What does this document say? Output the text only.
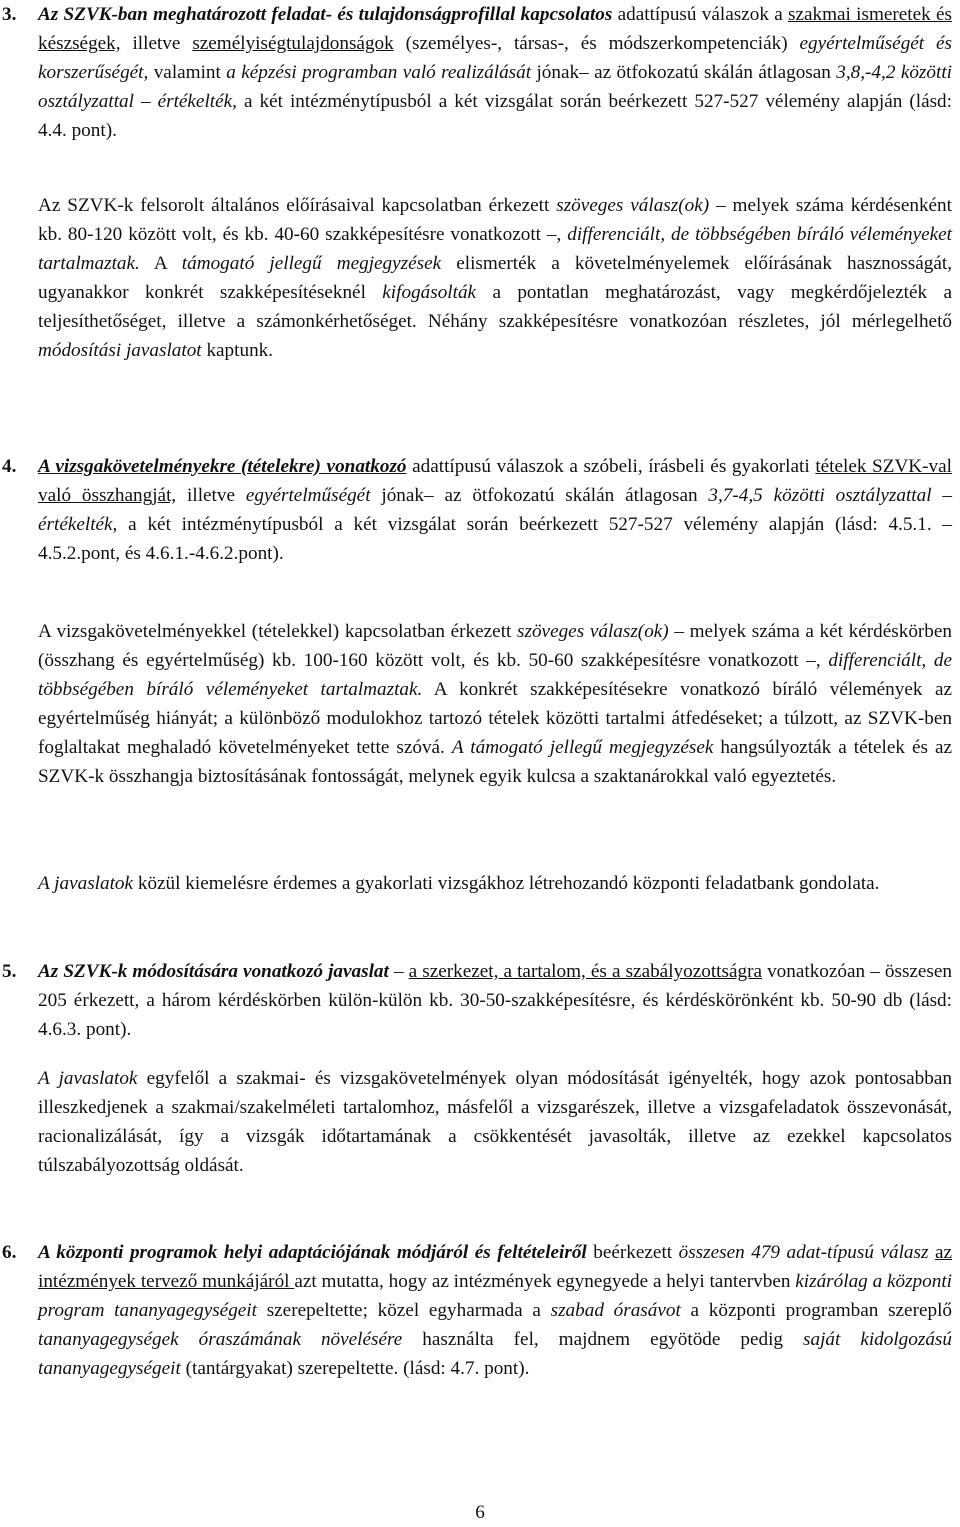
3. Az SZVK-ban meghatározott feladat- és tulajdonságprofillal kapcsolatos adattípusú válaszok a szakmai ismeretek és készségek, illetve személyiségtulajdonságok (személyes-, társas-, és módszerkompetenciák) egyértelműségét és korszerűségét, valamint a képzési programban való realizálását jónak– az ötfokozatú skálán átlagosan 3,8,-4,2 közötti osztályzattal – értékelték, a két intézménytípusból a két vizsgálat során beérkezett 527-527 vélemény alapján (lásd: 4.4. pont).
Az SZVK-k felsorolt általános előírásaival kapcsolatban érkezett szöveges válasz(ok) – melyek száma kérdésenként kb. 80-120 között volt, és kb. 40-60 szakképesítésre vonatkozott –, differenciált, de többségében bíráló véleményeket tartalmaztak. A támogató jellegű megjegyzések elismerték a követelményelemek előírásának hasznosságát, ugyanakkor konkrét szakképesítéseknél kifogásolták a pontatlan meghatározást, vagy megkérdőjelezték a teljesíthetőséget, illetve a számonkérhetőséget. Néhány szakképesítésre vonatkozóan részletes, jól mérlegelhető módosítási javaslatot kaptunk.
4. A vizsgakövetelményekre (tételekre) vonatkozó adattípusú válaszok a szóbeli, írásbeli és gyakorlati tételek SZVK-val való összhangját, illetve egyértelműségét jónak– az ötfokozatú skálán átlagosan 3,7-4,5 közötti osztályzattal – értékelték, a két intézménytípusból a két vizsgálat során beérkezett 527-527 vélemény alapján (lásd: 4.5.1. – 4.5.2.pont, és 4.6.1.-4.6.2.pont).
A vizsgakövetelményekkel (tételekkel) kapcsolatban érkezett szöveges válasz(ok) – melyek száma a két kérdéskörben (összhang és egyértelműség) kb. 100-160 között volt, és kb. 50-60 szakképesítésre vonatkozott –, differenciált, de többségében bíráló véleményeket tartalmaztak. A konkrét szakképesítésekre vonatkozó bíráló vélemények az egyértelműség hiányát; a különböző modulokhoz tartozó tételek közötti tartalmi átfedéseket; a túlzott, az SZVK-ben foglaltakat meghaladó követelményeket tette szóvá. A támogató jellegű megjegyzések hangsúlyozták a tételek és az SZVK-k összhangja biztosításának fontosságát, melynek egyik kulcsa a szaktanárokkal való egyeztetés.
A javaslatok közül kiemelésre érdemes a gyakorlati vizsgákhoz létrehozandó központi feladatbank gondolata.
5. Az SZVK-k módosítására vonatkozó javaslat – a szerkezet, a tartalom, és a szabályozottságra vonatkozóan – összesen 205 érkezett, a három kérdéskörben külön-külön kb. 30-50-szakképesítésre, és kérdéskörönként kb. 50-90 db (lásd: 4.6.3. pont).
A javaslatok egyfelől a szakmai- és vizsgakövetelmények olyan módosítását igényelték, hogy azok pontosabban illeszkedjenek a szakmai/szakelméleti tartalomhoz, másfelől a vizsgarészek, illetve a vizsgafeladatok összevonását, racionalizálását, így a vizsgák időtartamának a csökkentését javasolták, illetve az ezekkel kapcsolatos túlszabályozottság oldását.
6. A központi programok helyi adaptációjának módjáról és feltételeiről beérkezett összesen 479 adat-típusú válasz az intézmények tervező munkájáról azt mutatta, hogy az intézmények egynegyede a helyi tantervben kizárólag a központi program tananyagegységeit szerepeltette; közel egyharmada a szabad órasávot a központi programban szereplő tananyagegységek óraszámának növelésére használta fel, majdnem egyötöde pedig saját kidolgozású tananyagegységeit (tantárgyakat) szerepeltette. (lásd: 4.7. pont).
6
